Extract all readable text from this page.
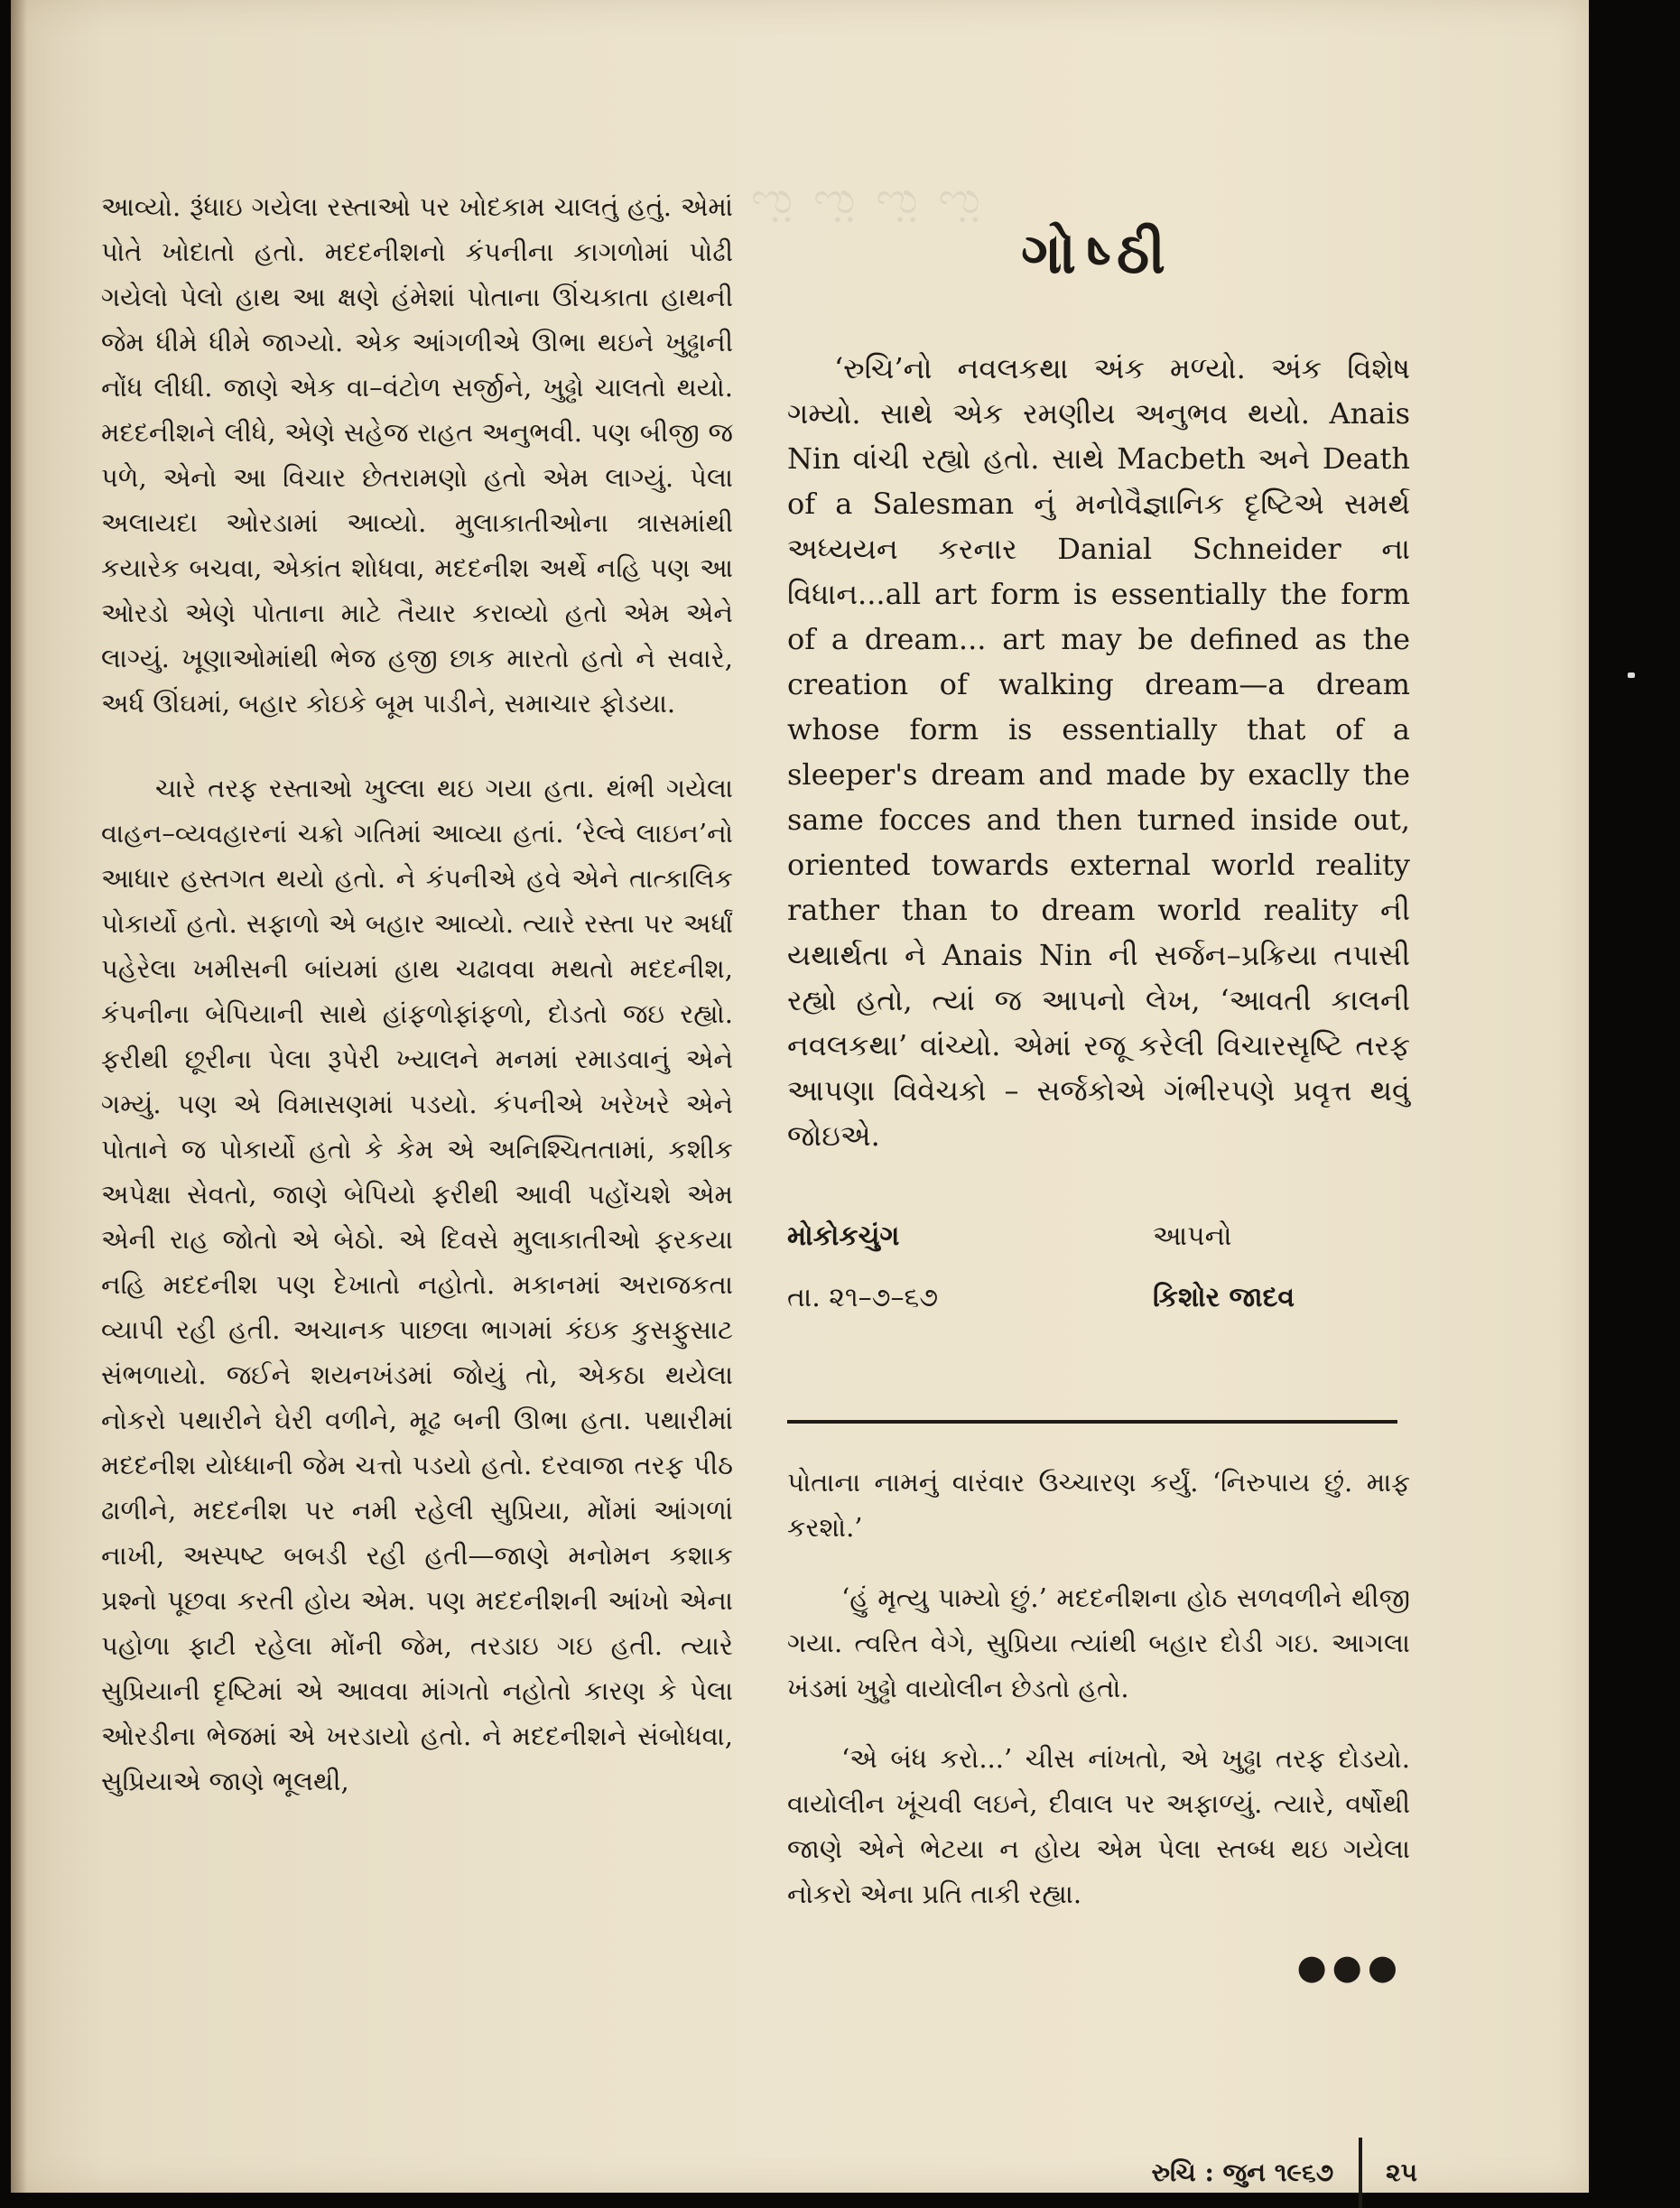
ಌ಼ ಌ಼ ಌ಼ ಌ಼

આવ્યો. રૂંધાઇ ગયેલા રસ્તાઓ પર ખોદકામ ચાલતું હતું. એમાં પોતે ખોદાતો હતો. મદદનીશનો કંપનીના કાગળોમાં પોઢી ગયેલો પેલો હાથ આ ક્ષણે હંમેશાં પોતાના ઊંચકાતા હાથની જેમ ધીમે ધીમે જાગ્યો. એક આંગળીએ ઊભા થઇને ખુઢ્ઢાની નોંધ લીધી. જાણે એક વા–વંટોળ સર્જીને, ખુઢ્ઢો ચાલતો થયો. મદદનીશને લીધે, એણે સહેજ રાહત અનુભવી. પણ બીજી જ પળે, એનો આ વિચાર છેતરામણો હતો એમ લાગ્યું. પેલા અલાયદા ઓરડામાં આવ્યો. મુલાકાતીઓના ત્રાસમાંથી કયારેક બચવા, એકાંત શોધવા, મદદનીશ અર્થે નહિ પણ આ ઓરડો એણે પોતાના માટે તૈયાર કરાવ્યો હતો એમ એને લાગ્યું. ખૂણાઓમાંથી ભેજ હજી છાક મારતો હતો ને સવારે, અર્ધ ઊંઘમાં, બહાર કોઇકે બૂમ પાડીને, સમાચાર ફોડયા.

ચારે તરફ રસ્તાઓ ખુલ્લા થઇ ગયા હતા. થંભી ગયેલા વાહન–વ્યવહારનાં ચક્રો ગતિમાં આવ્યા હતાં. ‘રેલ્વે લાઇન’નો આધાર હસ્તગત થયો હતો. ને કંપનીએ હવે એને તાત્કાલિક પોકાર્યો હતો. સફાળો એ બહાર આવ્યો. ત્યારે રસ્તા પર અર્ધાં પહેરેલા ખમીસની બાંયમાં હાથ ચઢાવવા મથતો મદદનીશ, કંપનીના બેપિયાની સાથે હાંફળોફાંફળો, દોડતો જઇ રહ્યો. ફરીથી છૂરીના પેલા રૂપેરી ખ્યાલને મનમાં રમાડવાનું એને ગમ્યું. પણ એ વિમાસણમાં પડયો. કંપનીએ ખરેખરે એને પોતાને જ પોકાર્યો હતો કે કેમ એ અનિશ્ચિતતામાં, કશીક અપેક્ષા સેવતો, જાણે બેપિયો ફરીથી આવી પહોંચશે એમ એની રાહ જોતો એ બેઠો. એ દિવસે મુલાકાતીઓ ફરકયા નહિ મદદનીશ પણ દેખાતો નહોતો. મકાનમાં અરાજકતા વ્યાપી રહી હતી. અચાનક પાછલા ભાગમાં કંઇક કુસફુસાટ સંભળાયો. જઈને શયનખંડમાં જોયું તો, એકઠા થયેલા નોકરો પથારીને ઘેરી વળીને, મૂઢ બની ઊભા હતા. પથારીમાં મદદનીશ યોધ્ધાની જેમ ચત્તો પડયો હતો. દરવાજા તરફ પીઠ ઢાળીને, મદદનીશ પર નમી રહેલી સુપ્રિયા, મોંમાં આંગળાં નાખી, અસ્પષ્ટ બબડી રહી હતી—જાણે મનોમન કશાક પ્રશ્નો પૂછવા કરતી હોય એમ. પણ મદદનીશની આંખો એના પહોળા ફાટી રહેલા મોંની જેમ, તરડાઇ ગઇ હતી. ત્યારે સુપ્રિયાની દૃષ્ટિમાં એ આવવા માંગતો નહોતો કારણ કે પેલા ઓરડીના ભેજમાં એ ખરડાયો હતો. ને મદદનીશને સંબોધવા, સુપ્રિયાએ જાણે ભૂલથી,

ગોષ્ઠી

‘રુચિ’નો નવલકથા અંક મળ્યો. અંક વિશેષ ગમ્યો. સાથે એક રમણીય અનુભવ થયો. Anais Nin વાંચી રહ્યો હતો. સાથે Macbeth અને Death of a Salesman નું મનોવૈજ્ઞાનિક દૃષ્ટિએ સમર્થ અધ્યયન કરનાર Danial Schneider ના વિધાન...all art form is essentially the form of a dream... art may be defined as the creation of walking dream—a dream whose form is essentially that of a sleeper's dream and made by exaclly the same focces and then turned inside out, oriented towards external world reality rather than to dream world reality ની યથાર્થતા ને Anais Nin ની સર્જન–પ્રક્રિયા તપાસી રહ્યો હતો, ત્યાં જ આપનો લેખ, ‘આવતી કાલની નવલકથા’ વાંચ્યો. એમાં રજૂ કરેલી વિચારસૃષ્ટિ તરફ આપણા વિવેચકો – સર્જકોએ ગંભીરપણે પ્રવૃત્ત થવું જોઇએ.

મોકોકચુંગ	આપનો
તા. ૨૧–૭–૬૭	કિશોર જાદવ

પોતાના નામનું વારંવાર ઉચ્ચારણ કર્યું. ‘નિરુપાય છું. માફ કરશો.’

‘હું મૃત્યુ પામ્યો છું.’ મદદનીશના હોઠ સળવળીને થીજી ગયા. ત્વરિત વેગે, સુપ્રિયા ત્યાંથી બહાર દોડી ગઇ. આગલા ખંડમાં ખુઢ્ઢો વાયોલીન છેડતો હતો.

‘એ બંધ કરો...’ ચીસ નાંખતો, એ ખુઢ્ઢા તરફ દોડયો. વાયોલીન ખૂંચવી લઇને, દીવાલ પર અફાળ્યું. ત્યારે, વર્ષોથી જાણે એને ભેટયા ન હોય એમ પેલા સ્તબ્ધ થઇ ગયેલા નોકરો એના પ્રતિ તાકી રહ્યા.

●●●
રુચિ : જુન ૧૯૬૭ ૨૫
